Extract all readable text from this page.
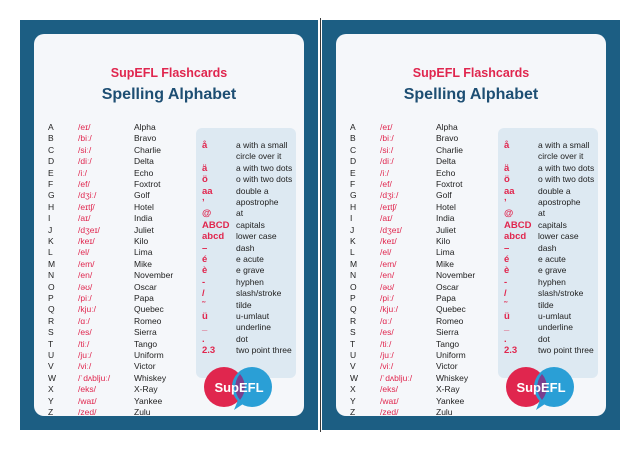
SupEFL Flashcards
Spelling Alphabet
A	/eɪ/	Alpha
B	/biː/	Bravo
C	/siː/	Charlie
D	/diː/	Delta
E	/iː/	Echo
F	/ef/	Foxtrot
G	/dʒiː/	Golf
H	/eɪtʃ/	Hotel
I	/aɪ/	India
J	/dʒeɪ/	Juliet
K	/keɪ/	Kilo
L	/el/	Lima
M	/em/	Mike
N	/en/	November
O	/əʊ/	Oscar
P	/piː/	Papa
Q	/kjuː/	Quebec
R	/ɑː/	Romeo
S	/es/	Sierra
T	/tiː/	Tango
U	/juː/	Uniform
V	/viː/	Victor
W	/ˈdʌbljuː/	Whiskey
X	/eks/	X-Ray
Y	/waɪ/	Yankee
Z	/zed/	Zulu
å	a with a small
circle over it
ä	a with two dots
ö	o with two dots
aa	double a
ʼ	apostrophe
@	at
ABCD capitals
abcd	lower case
–	dash
é	e acute
è	e grave
-	hyphen
/	slash/stroke
˜	tilde
ü	u-umlaut
_	underline
.	dot
2.3	two point three
SupEFL
SupEFL Flashcards
Spelling Alphabet
A	/eɪ/	Alpha
B	/biː/	Bravo
C	/siː/	Charlie
D	/diː/	Delta
E	/iː/	Echo
F	/ef/	Foxtrot
G	/dʒiː/	Golf
H	/eɪtʃ/	Hotel
I	/aɪ/	India
J	/dʒeɪ/	Juliet
K	/keɪ/	Kilo
L	/el/	Lima
M	/em/	Mike
N	/en/	November
O	/əʊ/	Oscar
P	/piː/	Papa
Q	/kjuː/	Quebec
R	/ɑː/	Romeo
S	/es/	Sierra
T	/tiː/	Tango
U	/juː/	Uniform
V	/viː/	Victor
W	/ˈdʌbljuː/	Whiskey
X	/eks/	X-Ray
Y	/waɪ/	Yankee
Z	/zed/	Zulu
å	a with a small
circle over it
ä	a with two dots
ö	o with two dots
aa	double a
ʼ	apostrophe
@	at
ABCD capitals
abcd	lower case
–	dash
é	e acute
è	e grave
-	hyphen
/	slash/stroke
˜	tilde
ü	u-umlaut
_	underline
.	dot
2.3	two point three
SupEFL
